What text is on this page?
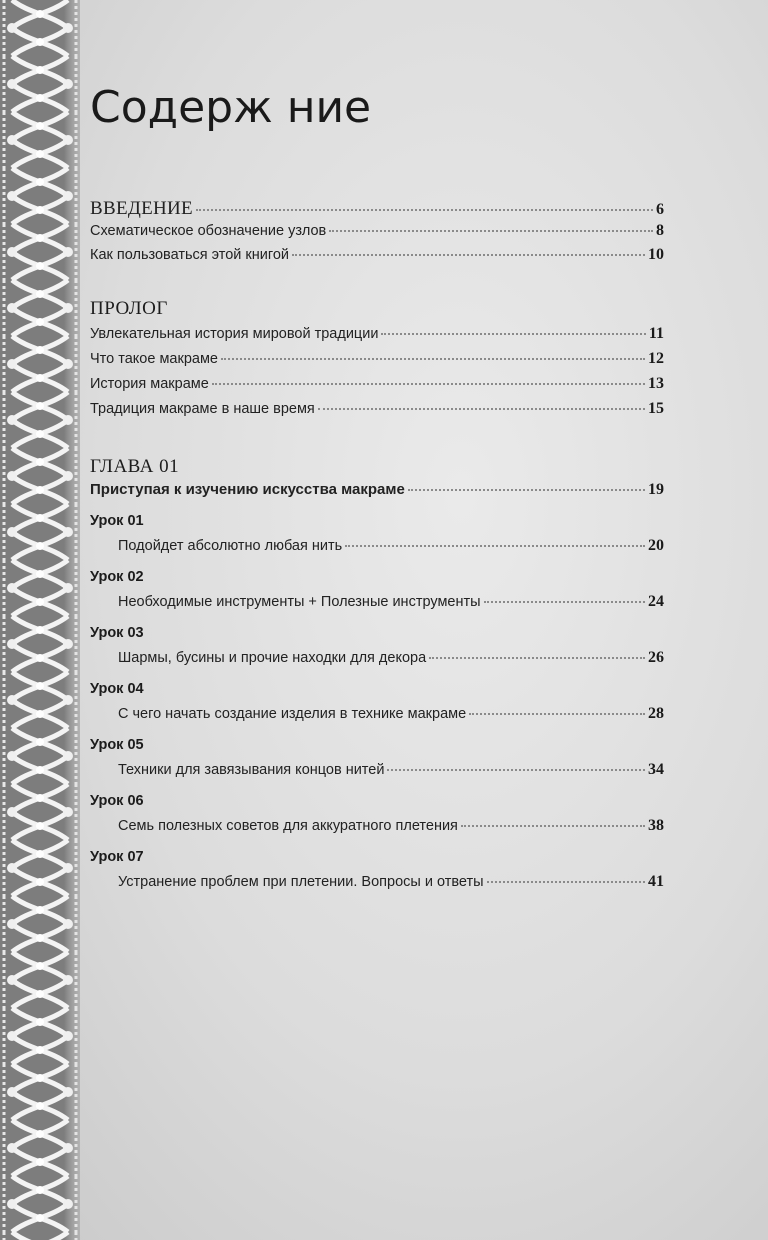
Содерж ние
ВВЕДЕНИЕ	6
Схематическое обозначение узлов	8
Как пользоваться этой книгой	10
ПРОЛОГ
Увлекательная история мировой традиции	11
Что такое макраме	12
История макраме	13
Традиция макраме в наше время	15
ГЛАВА 01
Приступая к изучению искусства макраме	19
Урок 01
Подойдет абсолютно любая нить	20
Урок 02
Необходимые инструменты + Полезные инструменты	24
Урок 03
Шармы, бусины и прочие находки для декора	26
Урок 04
С чего начать создание изделия в технике макраме	28
Урок 05
Техники для завязывания концов нитей	34
Урок 06
Семь полезных советов для аккуратного плетения	38
Урок 07
Устранение проблем при плетении. Вопросы и ответы	41
